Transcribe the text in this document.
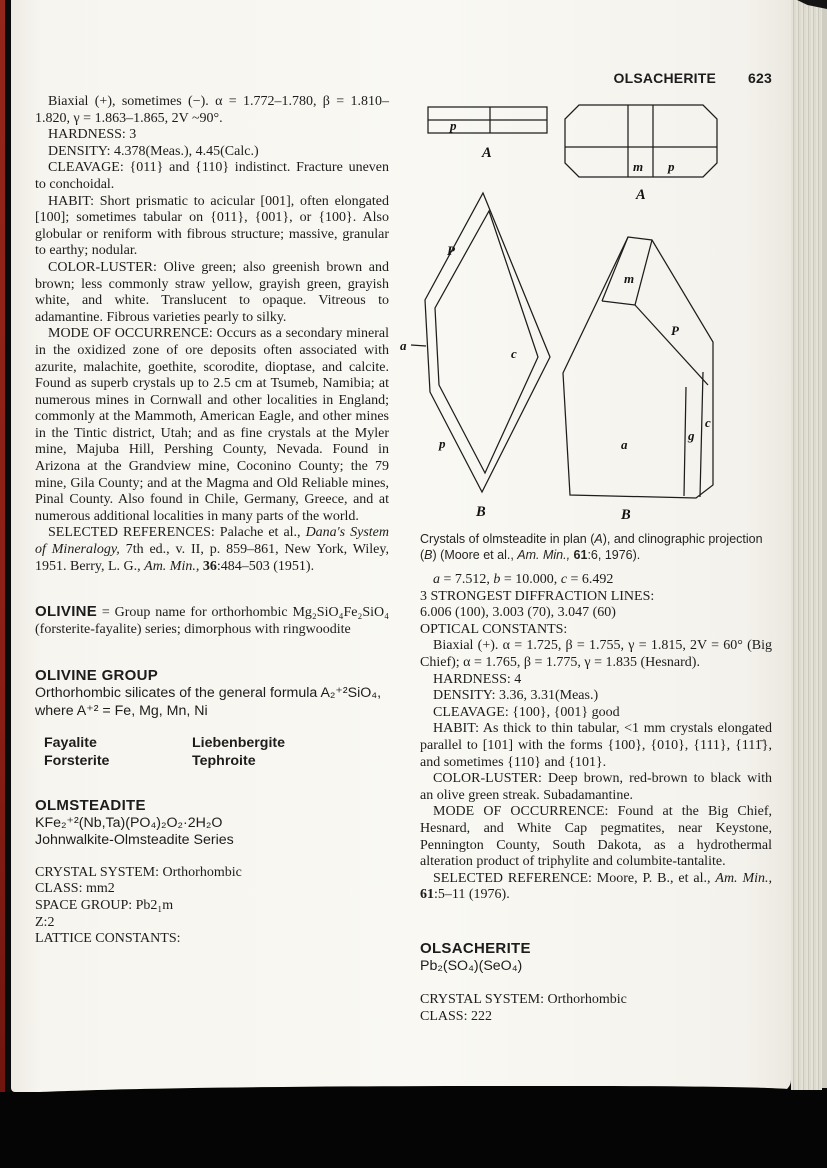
OLSACHERITE 623

Biaxial (+), sometimes (−). α = 1.772–1.780, β = 1.810–1.820, γ = 1.863–1.865, 2V ~90°.

HARDNESS: 3

DENSITY: 4.378(Meas.), 4.45(Calc.)

CLEAVAGE: {011} and {110} indistinct. Fracture uneven to conchoidal.

HABIT: Short prismatic to acicular [001], often elongated [100]; sometimes tabular on {011}, {001}, or {100}. Also globular or reniform with fibrous structure; massive, granular to earthy; nodular.

COLOR-LUSTER: Olive green; also greenish brown and brown; less commonly straw yellow, grayish green, grayish white, and white. Translucent to opaque. Vitreous to adamantine. Fibrous varieties pearly to silky.

MODE OF OCCURRENCE: Occurs as a secondary mineral in the oxidized zone of ore deposits often associated with azurite, malachite, goethite, scorodite, dioptase, and calcite. Found as superb crystals up to 2.5 cm at Tsumeb, Namibia; at numerous mines in Cornwall and other localities in England; commonly at the Mammoth, American Eagle, and other mines in the Tintic district, Utah; and as fine crystals at the Myler mine, Majuba Hill, Pershing County, Nevada. Found in Arizona at the Grandview mine, Coconino County; the 79 mine, Gila County; and at the Magma and Old Reliable mines, Pinal County. Also found in Chile, Germany, Greece, and at numerous additional localities in many parts of the world.

SELECTED REFERENCES: Palache et al., Dana's System of Mineralogy, 7th ed., v. II, p. 859–861, New York, Wiley, 1951. Berry, L. G., Am. Min., 36:484–503 (1951).

OLIVINE = Group name for orthorhombic Mg₂SiO₄Fe₂SiO₄ (forsterite-fayalite) series; dimorphous with ringwoodite

OLIVINE GROUP

Orthorhombic silicates of the general formula A₂⁺²SiO₄, where A⁺² = Fe, Mg, Mn, Ni

Fayalite	Liebenbergite
Forsterite	Tephroite
OLMSTEADITE

KFe₂⁺²(Nb,Ta)(PO₄)₂O₂·2H₂O

Johnwalkite-Olmsteadite Series

CRYSTAL SYSTEM: Orthorhombic

CLASS: mm2

SPACE GROUP: Pb2₁m

Z:2

LATTICE CONSTANTS:

p
A
m p
A
P
a
c
p
B
m
P
a
g
c
B
Crystals of olmsteadite in plan (A), and clinographic projection (B) (Moore et al., Am. Min., 61:6, 1976).

a = 7.512, b = 10.000, c = 6.492

3 STRONGEST DIFFRACTION LINES:

6.006 (100), 3.003 (70), 3.047 (60)

OPTICAL CONSTANTS:

Biaxial (+). α = 1.725, β = 1.755, γ = 1.815, 2V = 60° (Big Chief); α = 1.765, β = 1.775, γ = 1.835 (Hesnard).

HARDNESS: 4

DENSITY: 3.36, 3.31(Meas.)

CLEAVAGE: {100}, {001} good

HABIT: As thick to thin tabular, <1 mm crystals elongated parallel to [101] with the forms {100}, {010}, {111}, {111̄}, and sometimes {110} and {101}.

COLOR-LUSTER: Deep brown, red-brown to black with an olive green streak. Subadamantine.

MODE OF OCCURRENCE: Found at the Big Chief, Hesnard, and White Cap pegmatites, near Keystone, Pennington County, South Dakota, as a hydrothermal alteration product of triphylite and columbite-tantalite.

SELECTED REFERENCE: Moore, P. B., et al., Am. Min., 61:5–11 (1976).

OLSACHERITE

Pb₂(SO₄)(SeO₄)

CRYSTAL SYSTEM: Orthorhombic

CLASS: 222
